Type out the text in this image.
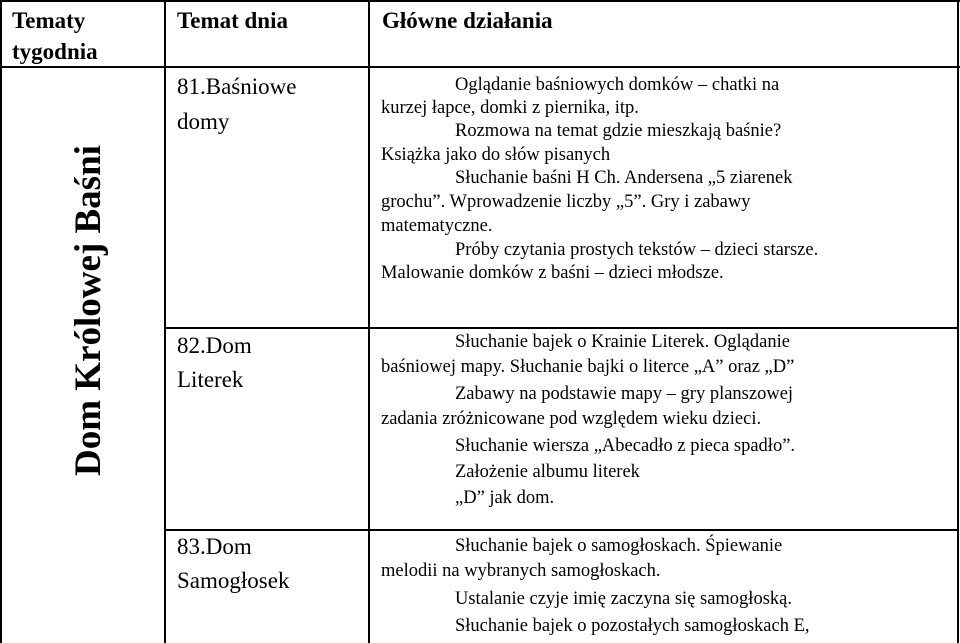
Tematy
tygodnia
Temat dnia	Główne działania
Dom Królowej Baśni
81.Baśniowe
domy
Oglądanie baśniowych domków – chatki na
kurzej łapce, domki z piernika, itp.
Rozmowa na temat gdzie mieszkają baśnie?
Książka jako do słów pisanych
Słuchanie baśni H Ch. Andersena „5 ziarenek
grochu”. Wprowadzenie liczby „5”. Gry i zabawy
matematyczne.
Próby czytania prostych tekstów – dzieci starsze.
Malowanie domków z baśni – dzieci młodsze.
82.Dom
Literek
Słuchanie bajek o Krainie Literek. Oglądanie
baśniowej mapy. Słuchanie bajki o literce „A” oraz „D”
Zabawy na podstawie mapy – gry planszowej
zadania zróżnicowane pod względem wieku dzieci.
Słuchanie wiersza „Abecadło z pieca spadło”.
Założenie albumu literek
„D” jak dom.
83.Dom
Samogłosek
Słuchanie bajek o samogłoskach. Śpiewanie
melodii na wybranych samogłoskach.
Ustalanie czyje imię zaczyna się samogłoską.
Słuchanie bajek o pozostałych samogłoskach E,
